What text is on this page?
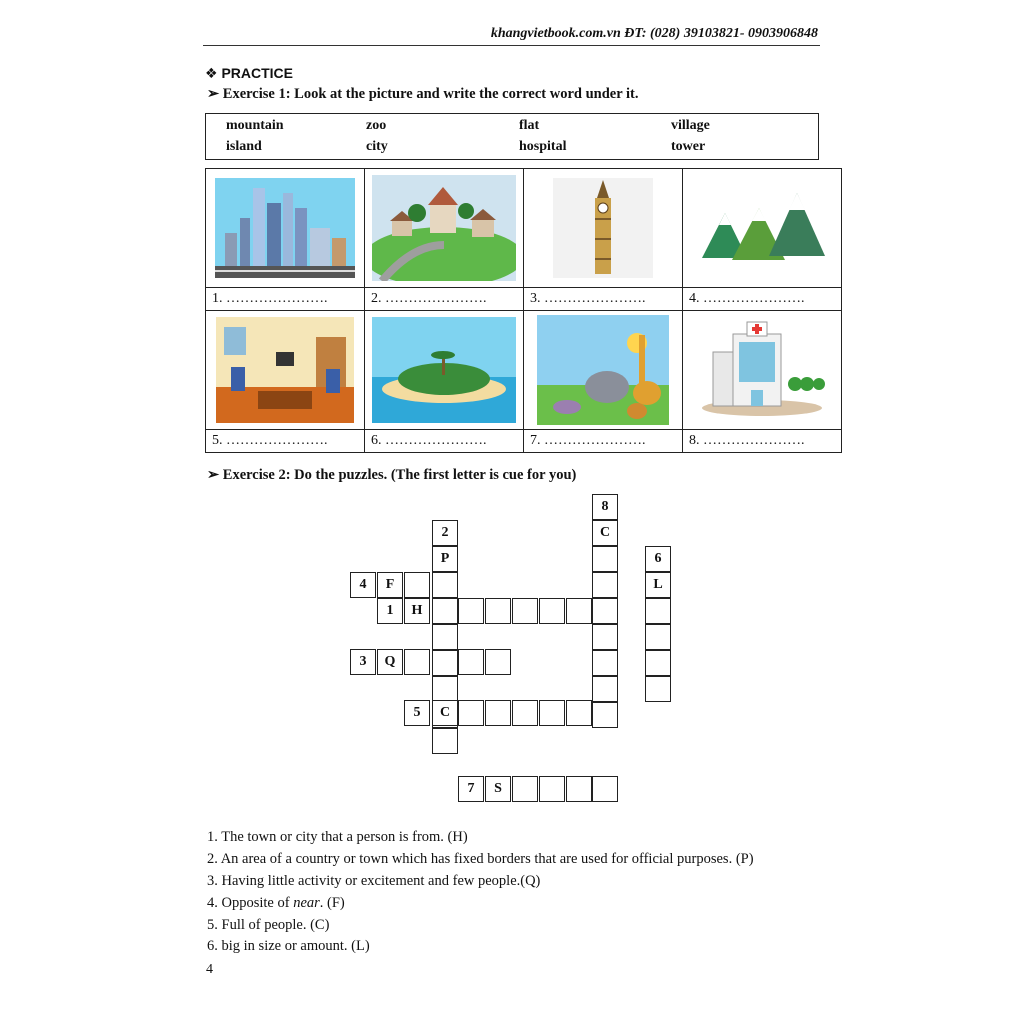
khangvietbook.com.vn ĐT: (028) 39103821- 0903906848
❖ PRACTICE
➢ Exercise 1: Look at the picture and write the correct word under it.
mountain	zoo	flat	village
island	city	hospital	tower

1. ………………….	2. ………………….	3. ………………….	4. ………………….

5. ………………….	6. ………………….	7. ………………….	8. ………………….
➢ Exercise 2: Do the puzzles. (The first letter is cue for you)
8
C
2
P	6
L
4	F
1	H
3	Q
5	C
7	S
1. The town or city that a person is from. (H)
2. An area of a country or town which has fixed borders that are used for official purposes. (P)
3. Having little activity or excitement and few people.(Q)
4. Opposite of near. (F)
5. Full of people. (C)
6. big in size or amount. (L)
4
